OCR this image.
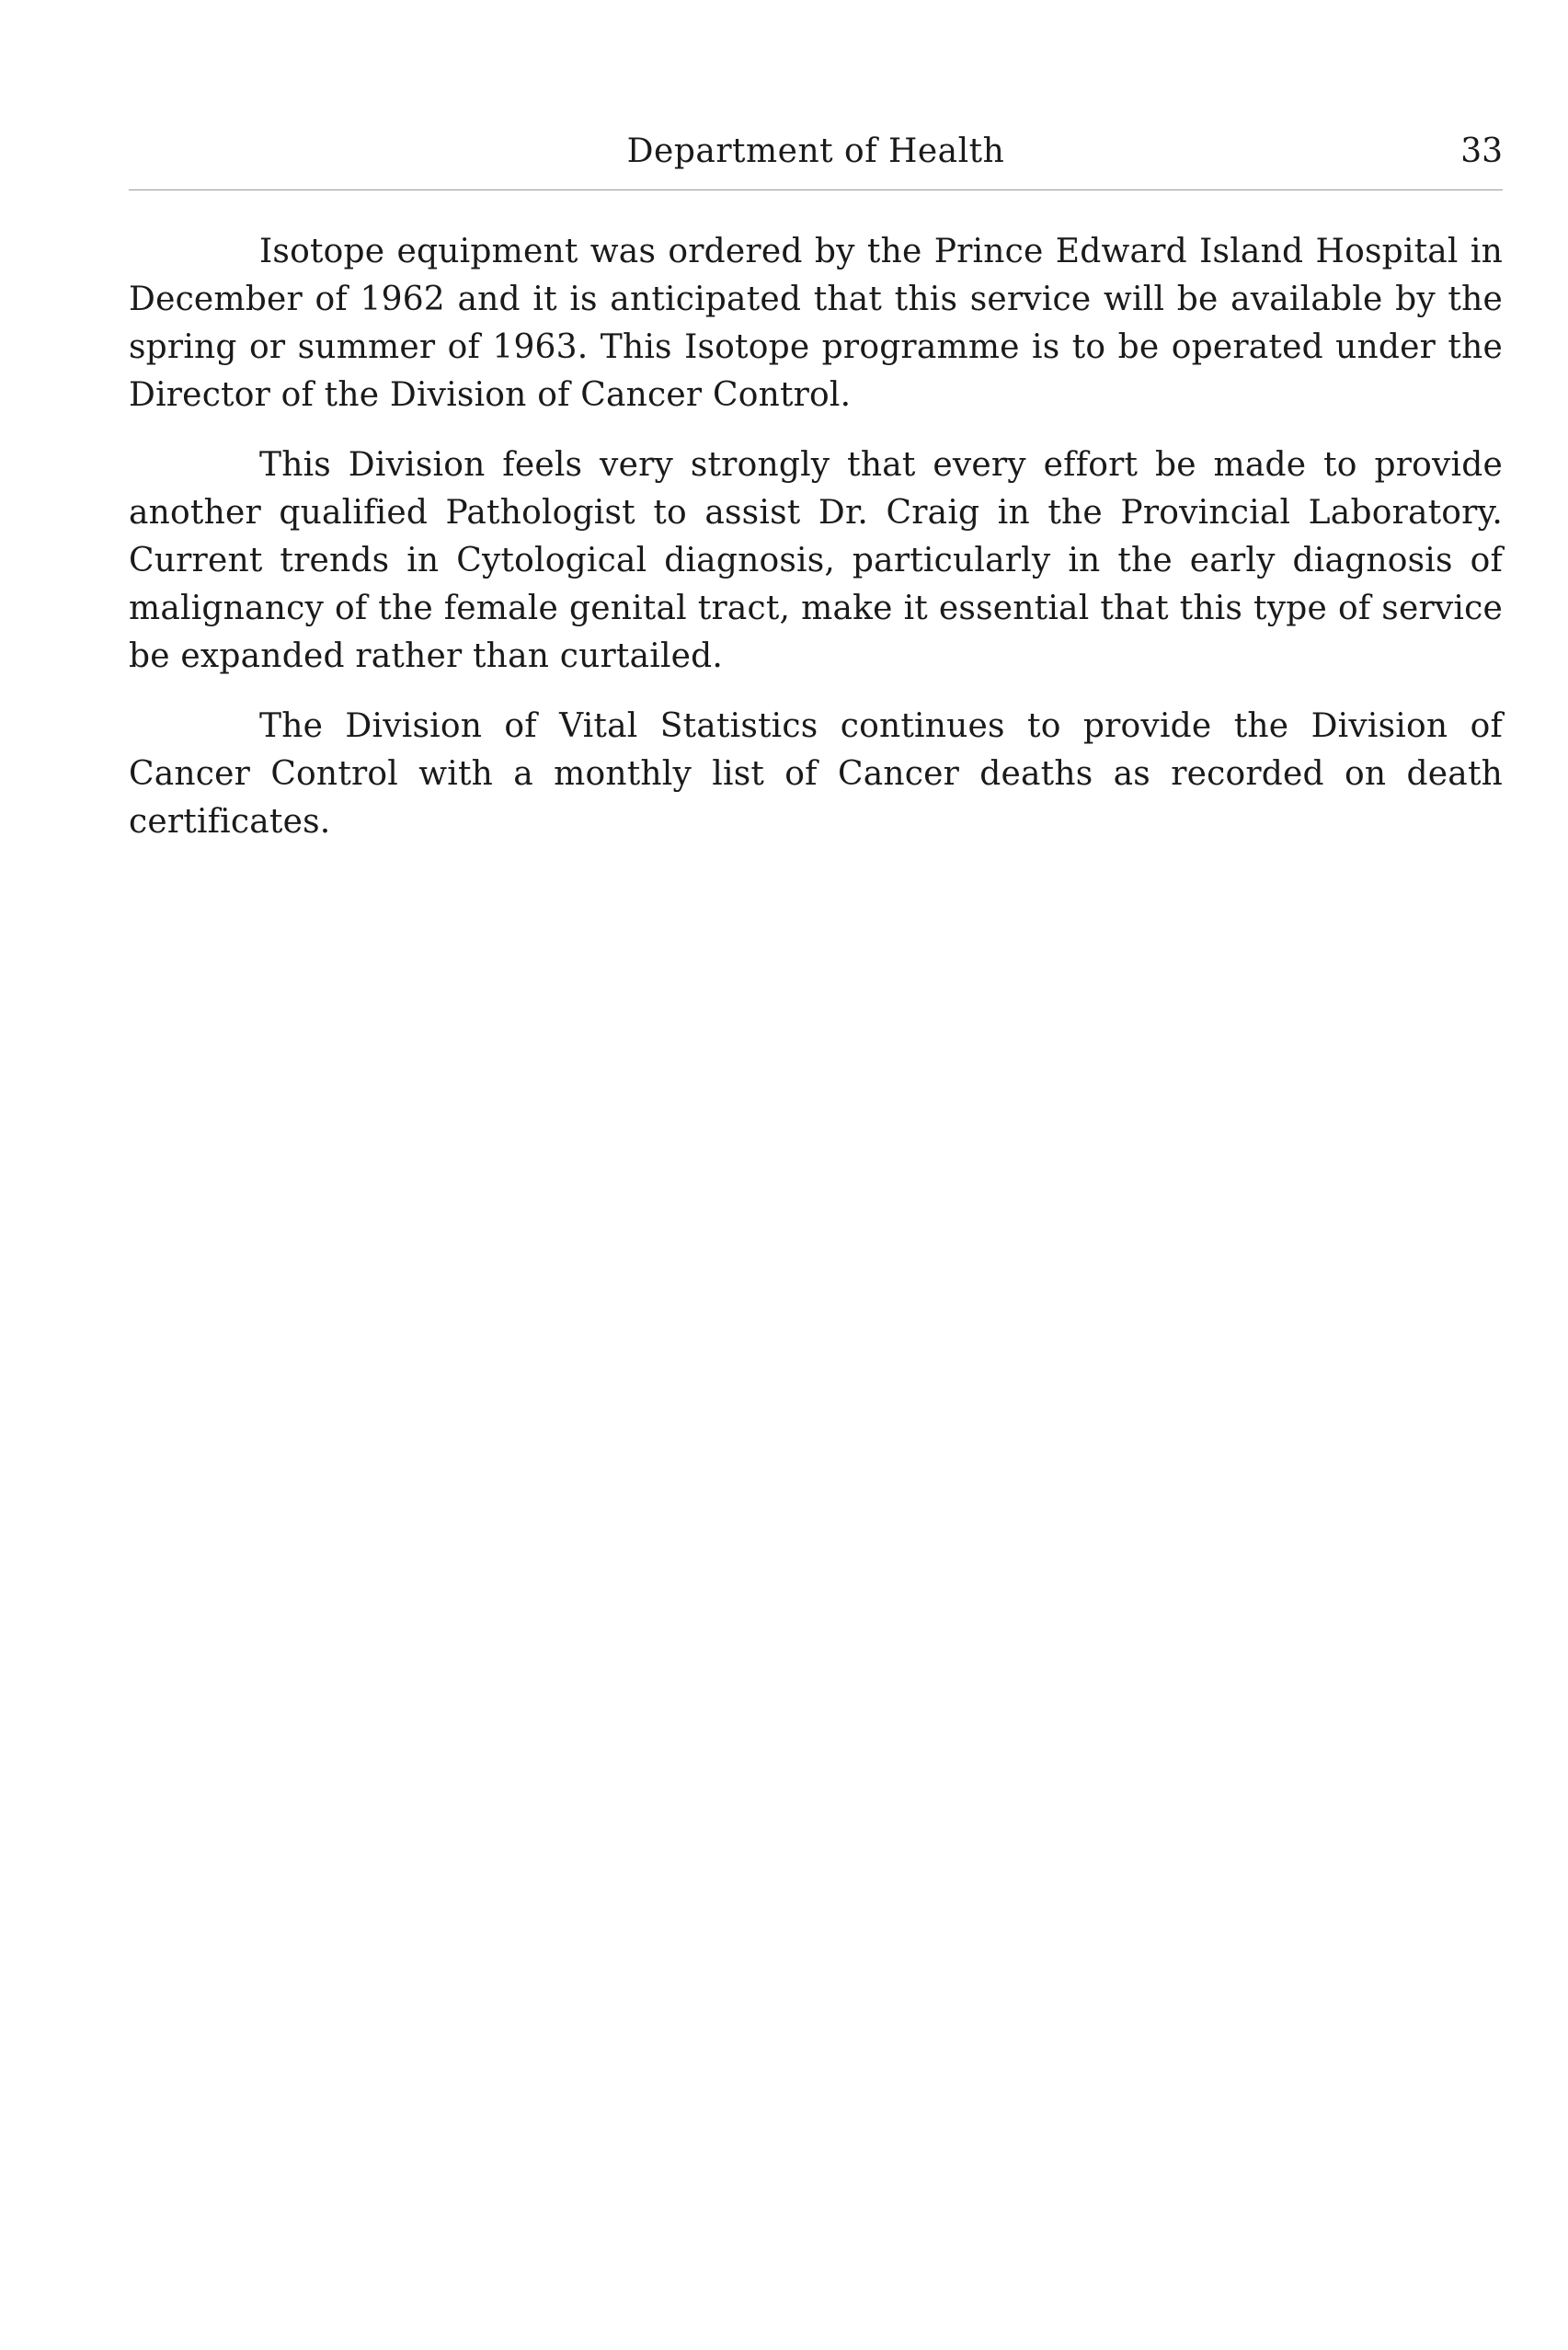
Department of Health	33

Isotope equipment was ordered by the Prince Edward Island Hospital in December of 1962 and it is anticipated that this service will be available by the spring or summer of 1963. This Isotope programme is to be operated under the Director of the Division of Cancer Control.

This Division feels very strongly that every effort be made to provide another qualified Pathologist to assist Dr. Craig in the Provincial Laboratory. Current trends in Cytological diagnosis, particularly in the early diagnosis of malignancy of the female genital tract, make it essential that this type of service be expanded rather than curtailed.

The Division of Vital Statistics continues to provide the Division of Cancer Control with a monthly list of Cancer deaths as recorded on death certificates.
